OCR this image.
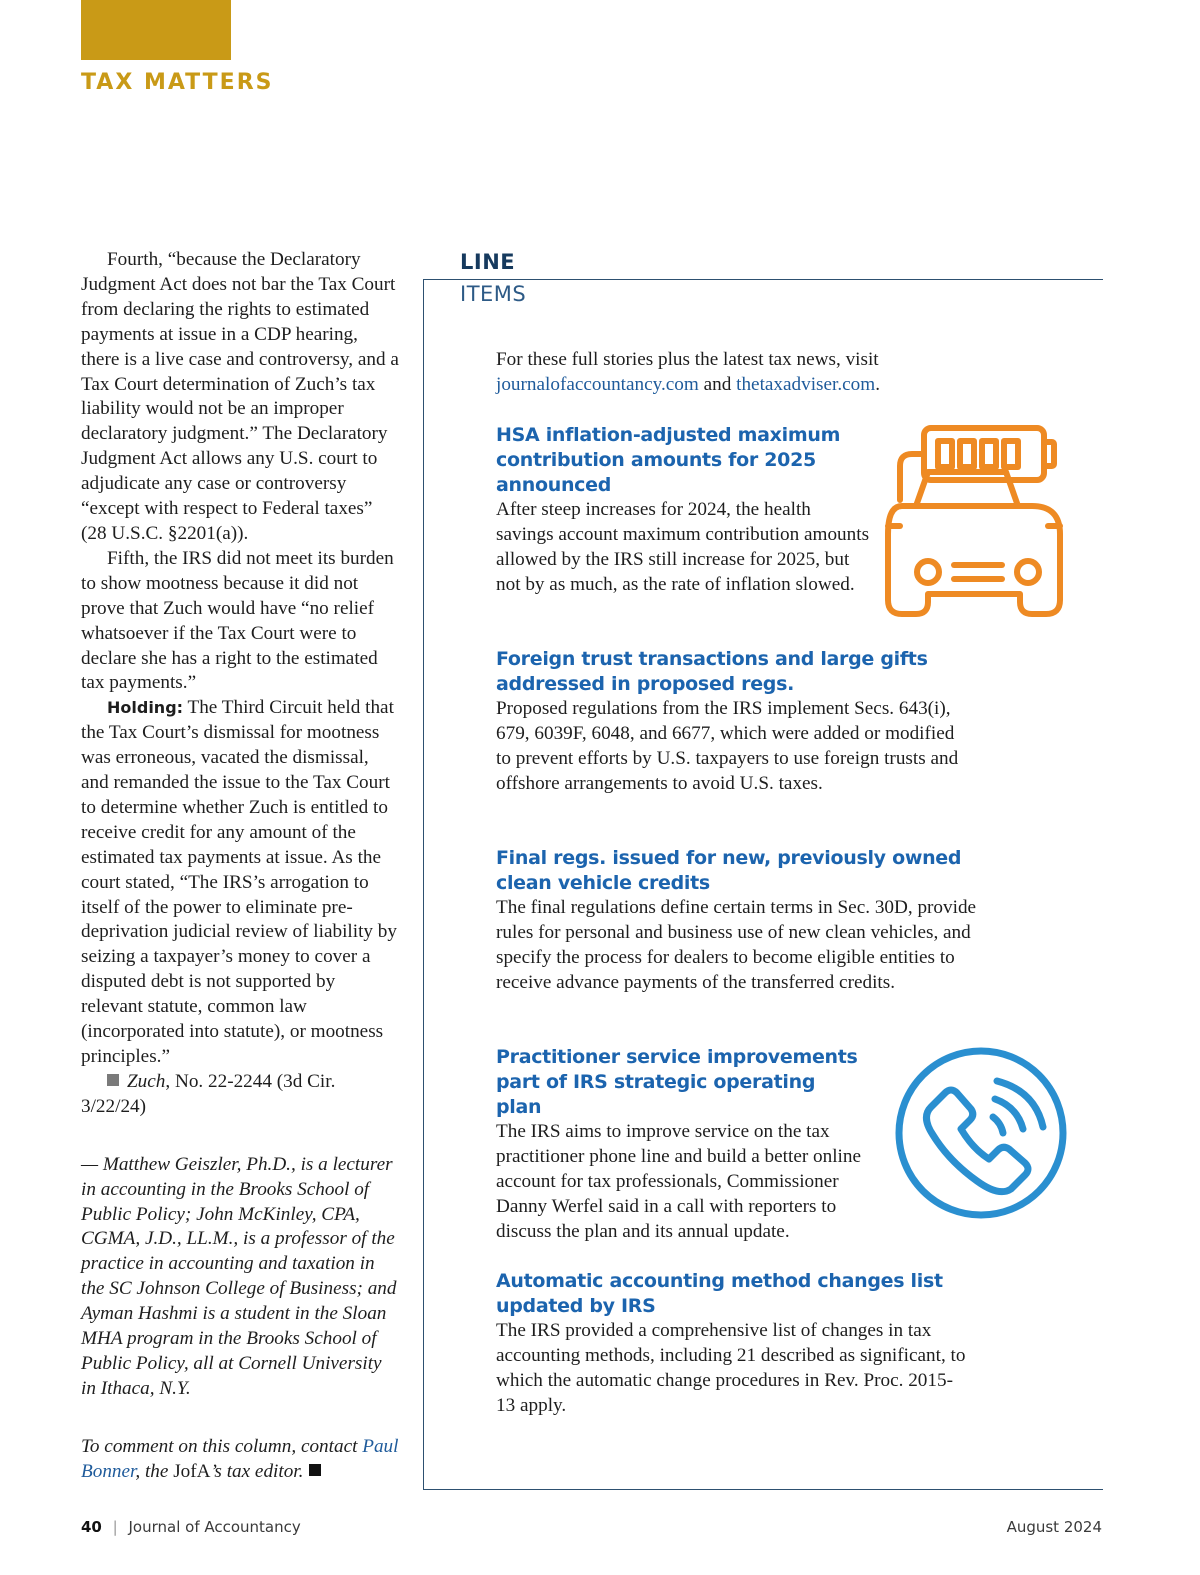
TAX MATTERS
Fourth, “because the Declaratory Judgment Act does not bar the Tax Court from declaring the rights to estimated payments at issue in a CDP hearing, there is a live case and controversy, and a Tax Court determination of Zuch’s tax liability would not be an improper declaratory judgment.” The Declaratory Judgment Act allows any U.S. court to adjudicate any case or controversy “except with respect to Federal taxes” (28 U.S.C. §2201(a)).
Fifth, the IRS did not meet its burden to show mootness because it did not prove that Zuch would have “no relief whatsoever if the Tax Court were to declare she has a right to the estimated tax payments.”
Holding: The Third Circuit held that the Tax Court’s dismissal for mootness was erroneous, vacated the dismissal, and remanded the issue to the Tax Court to determine whether Zuch is entitled to receive credit for any amount of the estimated tax payments at issue. As the court stated, “The IRS’s arrogation to itself of the power to eliminate pre-deprivation judicial review of liability by seizing a taxpayer’s money to cover a disputed debt is not supported by relevant statute, common law (incorporated into statute), or mootness principles.”
Zuch, No. 22-2244 (3d Cir. 3/22/24)
— Matthew Geiszler, Ph.D., is a lecturer in accounting in the Brooks School of Public Policy; John McKinley, CPA, CGMA, J.D., LL.M., is a professor of the practice in accounting and taxation in the SC Johnson College of Business; and Ayman Hashmi is a student in the Sloan MHA program in the Brooks School of Public Policy, all at Cornell University in Ithaca, N.Y.
To comment on this column, contact Paul Bonner, the JofA’s tax editor.
LINE
ITEMS
For these full stories plus the latest tax news, visit journalofaccountancy.com and thetaxadviser.com.
HSA inflation-adjusted maximum contribution amounts for 2025 announced

After steep increases for 2024, the health savings account maximum contribution amounts allowed by the IRS still increase for 2025, but not by as much, as the rate of inflation slowed.

Foreign trust transactions and large gifts addressed in proposed regs.

Proposed regulations from the IRS implement Secs. 643(i), 679, 6039F, 6048, and 6677, which were added or modified to prevent efforts by U.S. taxpayers to use foreign trusts and offshore arrangements to avoid U.S. taxes.

Final regs. issued for new, previously owned clean vehicle credits

The final regulations define certain terms in Sec. 30D, provide rules for personal and business use of new clean vehicles, and specify the process for dealers to become eligible entities to receive advance payments of the transferred credits.

Practitioner service improvements part of IRS strategic operating plan

The IRS aims to improve service on the tax practitioner phone line and build a better online account for tax professionals, Commissioner Danny Werfel said in a call with reporters to discuss the plan and its annual update.

Automatic accounting method changes list updated by IRS

The IRS provided a comprehensive list of changes in tax accounting methods, including 21 described as significant, to which the automatic change procedures in Rev. Proc. 2015-13 apply.

40 | Journal of Accountancy	August 2024
